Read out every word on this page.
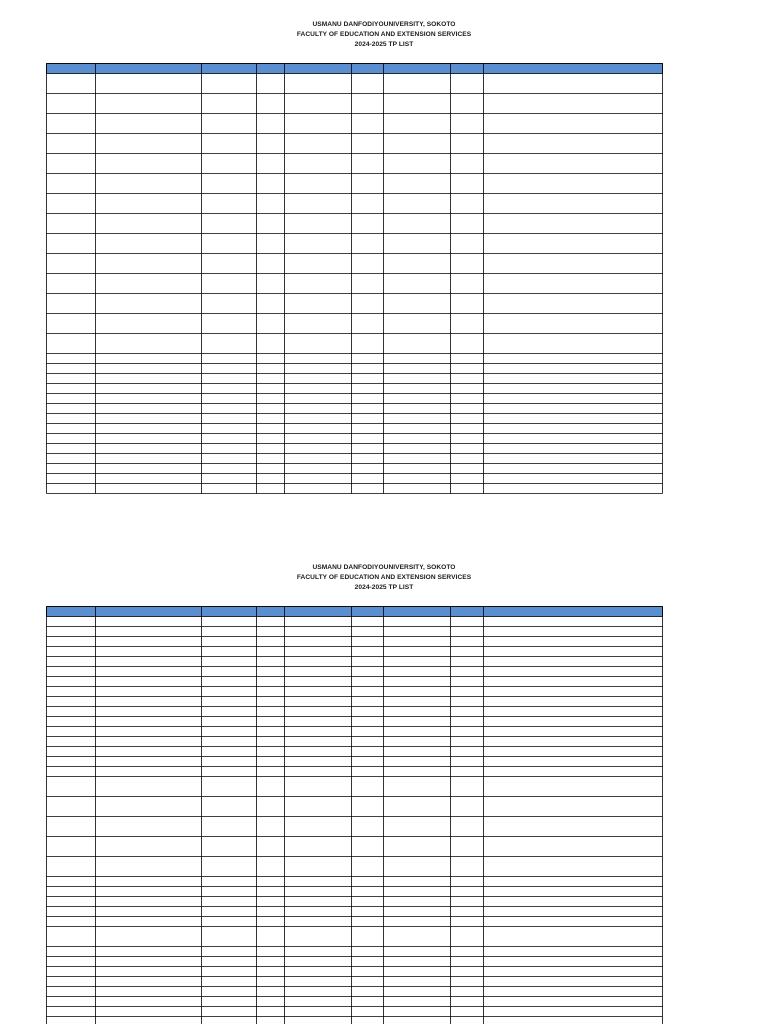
USMANU DANFODIYOUNIVERSITY, SOKOTO
FACULTY OF EDUCATION AND EXTENSION SERVICES
2024-2025 TP LIST
USMANU DANFODIYOUNIVERSITY, SOKOTO
FACULTY OF EDUCATION AND EXTENSION SERVICES
2024-2025 TP LIST
